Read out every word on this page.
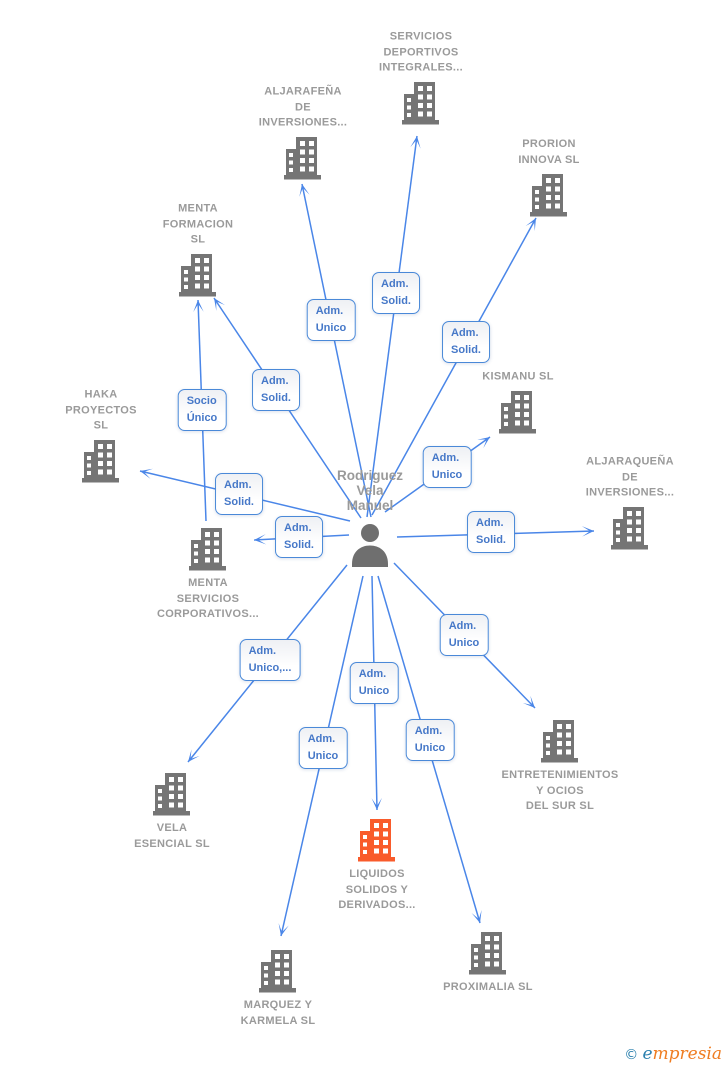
SERVICIOS
DEPORTIVOS
INTEGRALES...
ALJARAFEÑA
DE
INVERSIONES...
PRORION
INNOVA SL
MENTA
FORMACION
SL
KISMANU SL
HAKA
PROYECTOS
SL
ALJARAQUEÑA
DE
INVERSIONES...
MENTA
SERVICIOS
CORPORATIVOS...
ENTRETENIMIENTOS
Y OCIOS
DEL SUR SL
VELA
ESENCIAL SL
LIQUIDOS
SOLIDOS Y
DERIVADOS...
MARQUEZ Y
KARMELA SL
PROXIMALIA SL
Rodriguez
Vela
Manuel
Adm.
Solid.
Adm.
Unico	Adm.
Solid.
Adm.
Solid.
Socio
Único
Adm.
Unico
Adm.
Solid.
Adm.
Solid.
Adm.
Solid.
Adm.
Unico
Adm.
Unico,...
Adm.
Unico
Adm.
Unico
Adm.
Unico
© empresia
